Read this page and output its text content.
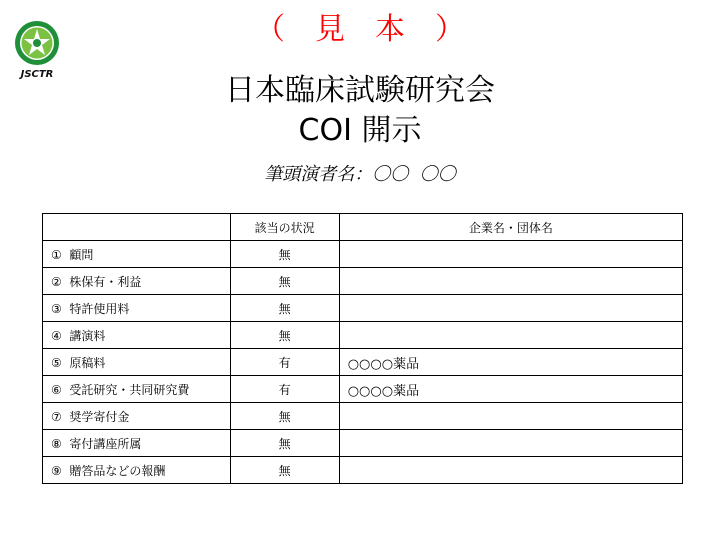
JSCTR
（　見　本　）
日本臨床試験研究会
COI 開示
筆頭演者名：〇〇  〇〇
	該当の状況	企業名・団体名
①  顧問	無	
②  株保有・利益	無	
③  特許使用料	無	
④  講演料	無	
⑤  原稿料	有	○○○○薬品
⑥  受託研究・共同研究費	有	○○○○薬品
⑦  奨学寄付金	無	
⑧  寄付講座所属	無	
⑨  贈答品などの報酬	無	
